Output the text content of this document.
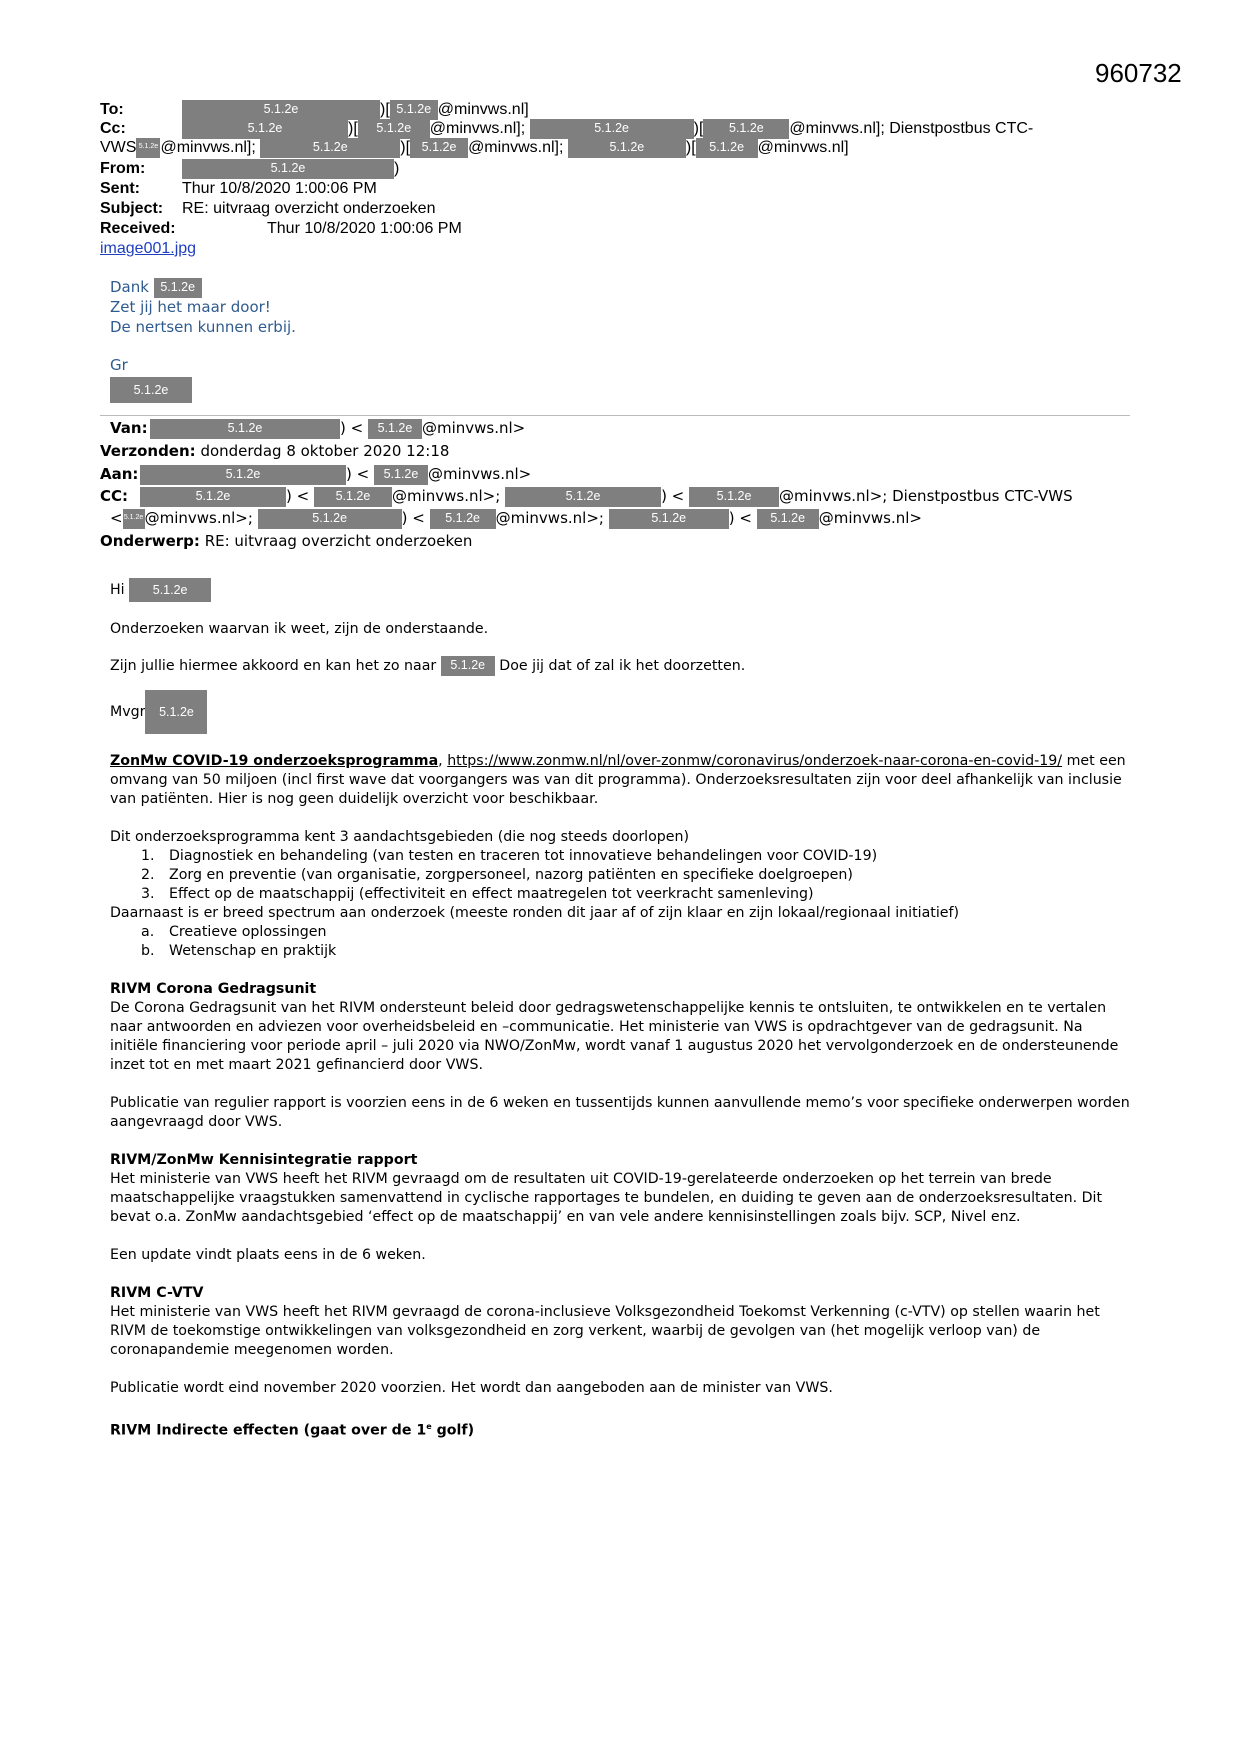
960732
To:	5.1.2e	)[ 5.1.2e @minvws.nl]
Cc:	5.1.2e	)[ 5.1.2e @minvws.nl];	5.1.2e	)[ 5.1.2e @minvws.nl]; Dienstpostbus CTC-
VWS 5.1.2e @minvws.nl];	5.1.2e	)[ 5.1.2e @minvws.nl];	5.1.2e	)[ 5.1.2e @minvws.nl]
From:	5.1.2e	)
Sent:	Thur 10/8/2020 1:00:06 PM
Subject: RE: uitvraag overzicht onderzoeken
Received:	Thur 10/8/2020 1:00:06 PM
image001.jpg
Dank 5.1.2e
Zet jij het maar door!
De nertsen kunnen erbij.
Gr
5.1.2e
Van:	5.1.2e	) < 5.1.2e @minvws.nl>
Verzonden: donderdag 8 oktober 2020 12:18
Aan:	5.1.2e	) < 5.1.2e @minvws.nl>
CC:	5.1.2e	) < 5.1.2e @minvws.nl>;	5.1.2e	) < 5.1.2e @minvws.nl>; Dienstpostbus CTC-VWS
<5.1.2e@minvws.nl>;	5.1.2e	) < 5.1.2e @minvws.nl>;	5.1.2e	) < 5.1.2e @minvws.nl>
Onderwerp: RE: uitvraag overzicht onderzoeken
Hi 5.1.2e
Onderzoeken waarvan ik weet, zijn de onderstaande.
Zijn jullie hiermee akkoord en kan het zo naar 5.1.2e Doe jij dat of zal ik het doorzetten.
Mvgr 5.1.2e

ZonMw COVID-19 onderzoeksprogramma, https://www.zonmw.nl/nl/over-zonmw/coronavirus/onderzoek-naar-corona-en-covid-19/ met een omvang van 50 miljoen (incl first wave dat voorgangers was van dit programma). Onderzoeksresultaten zijn voor deel afhankelijk van inclusie van patiënten. Hier is nog geen duidelijk overzicht voor beschikbaar.

Dit onderzoeksprogramma kent 3 aandachtsgebieden (die nog steeds doorlopen)

1.	Diagnostiek en behandeling (van testen en traceren tot innovatieve behandelingen voor COVID-19)
2.	Zorg en preventie (van organisatie, zorgpersoneel, nazorg patiënten en specifieke doelgroepen)
3.	Effect op de maatschappij (effectiviteit en effect maatregelen tot veerkracht samenleving)

Daarnaast is er breed spectrum aan onderzoek (meeste ronden dit jaar af of zijn klaar en zijn lokaal/regionaal initiatief)

a.	Creatieve oplossingen
b.	Wetenschap en praktijk

RIVM Corona Gedragsunit

De Corona Gedragsunit van het RIVM ondersteunt beleid door gedragswetenschappelijke kennis te ontsluiten, te ontwikkelen en te vertalen naar antwoorden en adviezen voor overheidsbeleid en –communicatie. Het ministerie van VWS is opdrachtgever van de gedragsunit. Na initiële financiering voor periode april – juli 2020 via NWO/ZonMw, wordt vanaf 1 augustus 2020 het vervolgonderzoek en de ondersteunende inzet tot en met maart 2021 gefinancierd door VWS.

Publicatie van regulier rapport is voorzien eens in de 6 weken en tussentijds kunnen aanvullende memo’s voor specifieke onderwerpen worden aangevraagd door VWS.

RIVM/ZonMw Kennisintegratie rapport

Het ministerie van VWS heeft het RIVM gevraagd om de resultaten uit COVID-19-gerelateerde onderzoeken op het terrein van brede maatschappelijke vraagstukken samenvattend in cyclische rapportages te bundelen, en duiding te geven aan de onderzoeksresultaten. Dit bevat o.a. ZonMw aandachtsgebied ‘effect op de maatschappij’ en van vele andere kennisinstellingen zoals bijv. SCP, Nivel enz.

Een update vindt plaats eens in de 6 weken.

RIVM C-VTV

Het ministerie van VWS heeft het RIVM gevraagd de corona-inclusieve Volksgezondheid Toekomst Verkenning (c-VTV) op stellen waarin het RIVM de toekomstige ontwikkelingen van volksgezondheid en zorg verkent, waarbij de gevolgen van (het mogelijk verloop van) de coronapandemie meegenomen worden.

Publicatie wordt eind november 2020 voorzien. Het wordt dan aangeboden aan de minister van VWS.

RIVM Indirecte effecten (gaat over de 1e golf)
